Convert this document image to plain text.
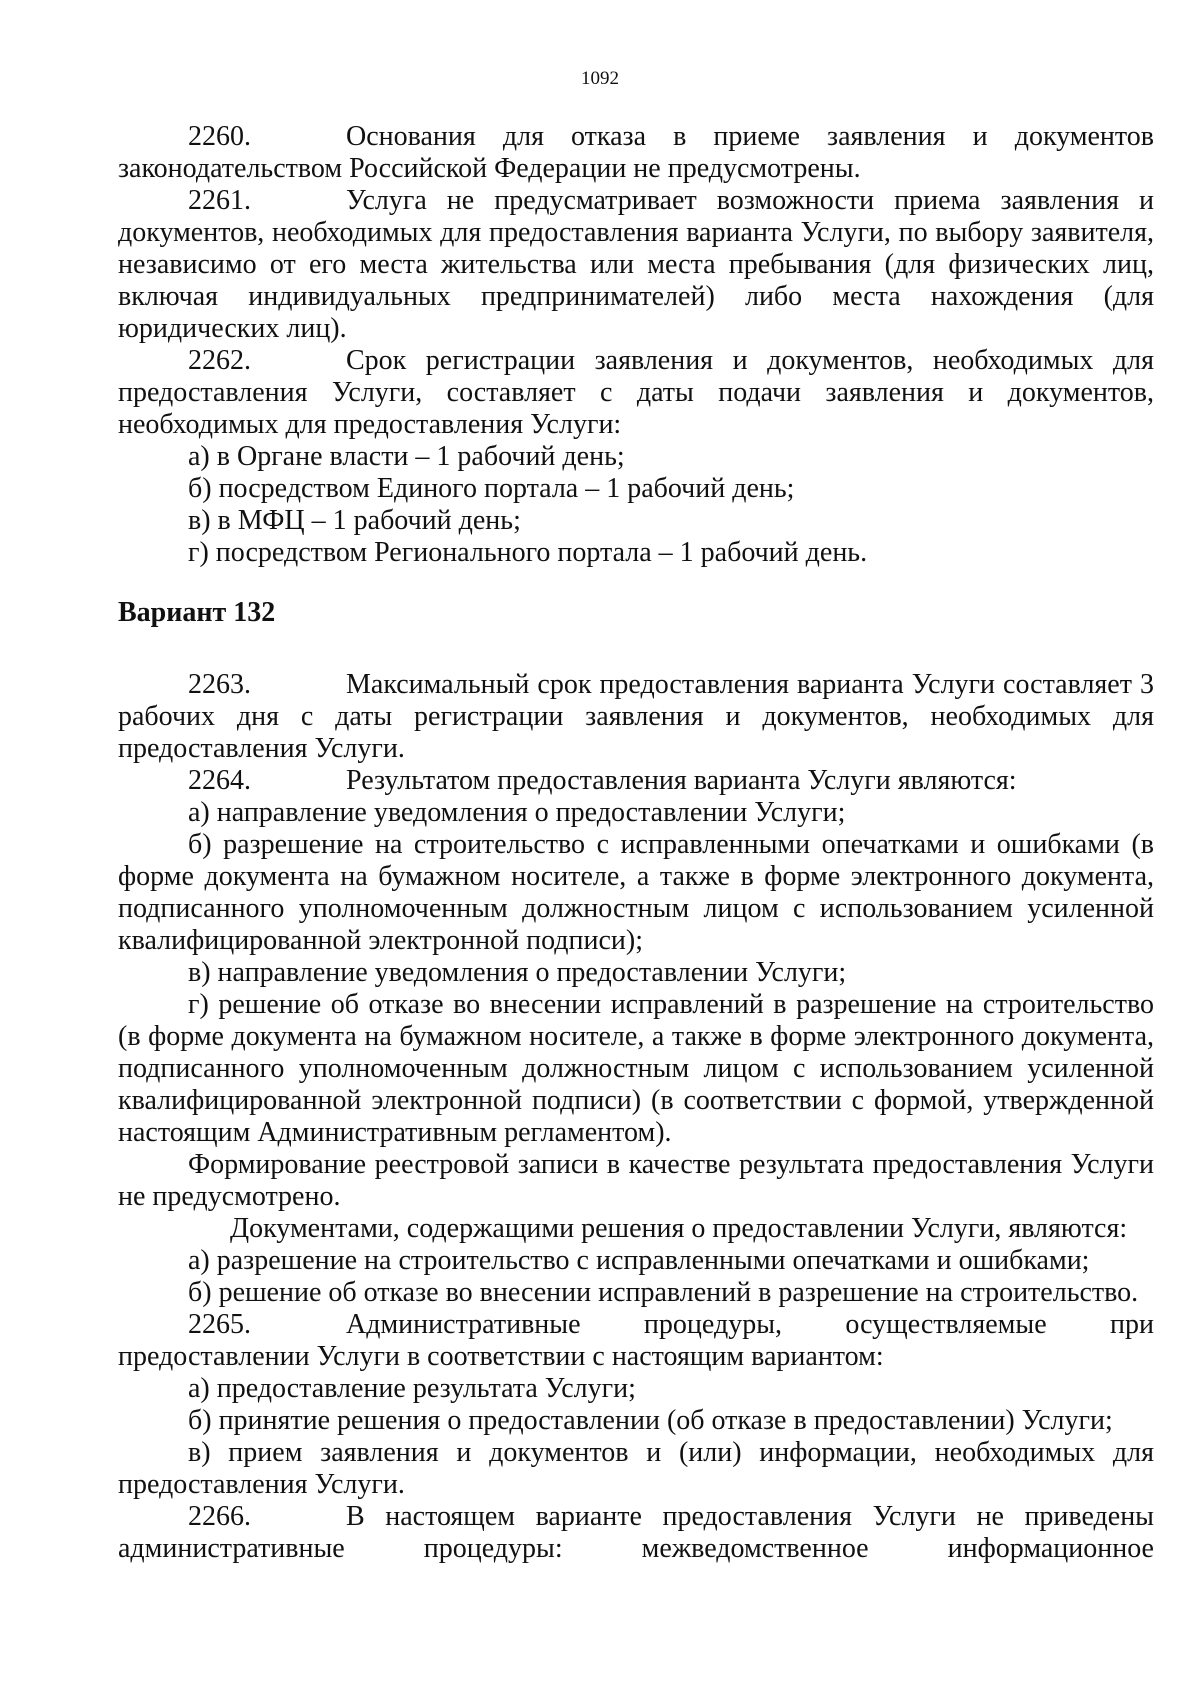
1092

2260.	Основания для отказа в приеме заявления и документов законодательством Российской Федерации не предусмотрены.

2261.	Услуга не предусматривает возможности приема заявления и документов, необходимых для предоставления варианта Услуги, по выбору заявителя, независимо от его места жительства или места пребывания (для физических лиц, включая индивидуальных предпринимателей) либо места нахождения (для юридических лиц).

2262.	Срок регистрации заявления и документов, необходимых для предоставления Услуги, составляет с даты подачи заявления и документов, необходимых для предоставления Услуги:

а) в Органе власти – 1 рабочий день;

б) посредством Единого портала – 1 рабочий день;

в) в МФЦ – 1 рабочий день;

г) посредством Регионального портала – 1 рабочий день.

Вариант 132

2263.	Максимальный срок предоставления варианта Услуги составляет 3 рабочих дня с даты регистрации заявления и документов, необходимых для предоставления Услуги.

2264.	Результатом предоставления варианта Услуги являются:

а) направление уведомления о предоставлении Услуги;

б) разрешение на строительство с исправленными опечатками и ошибками (в форме документа на бумажном носителе, а также в форме электронного документа, подписанного уполномоченным должностным лицом с использованием усиленной квалифицированной электронной подписи);

в) направление уведомления о предоставлении Услуги;

г) решение об отказе во внесении исправлений в разрешение на строительство (в форме документа на бумажном носителе, а также в форме электронного документа, подписанного уполномоченным должностным лицом с использованием усиленной квалифицированной электронной подписи) (в соответствии с формой, утвержденной настоящим Административным регламентом).

Формирование реестровой записи в качестве результата предоставления Услуги не предусмотрено.

Документами, содержащими решения о предоставлении Услуги, являются:

а) разрешение на строительство с исправленными опечатками и ошибками;

б) решение об отказе во внесении исправлений в разрешение на строительство.

2265.	Административные процедуры, осуществляемые при предоставлении Услуги в соответствии с настоящим вариантом:

а) предоставление результата Услуги;

б) принятие решения о предоставлении (об отказе в предоставлении) Услуги;

в) прием заявления и документов и (или) информации, необходимых для предоставления Услуги.

2266.	В настоящем варианте предоставления Услуги не приведены административные процедуры: межведомственное информационное
